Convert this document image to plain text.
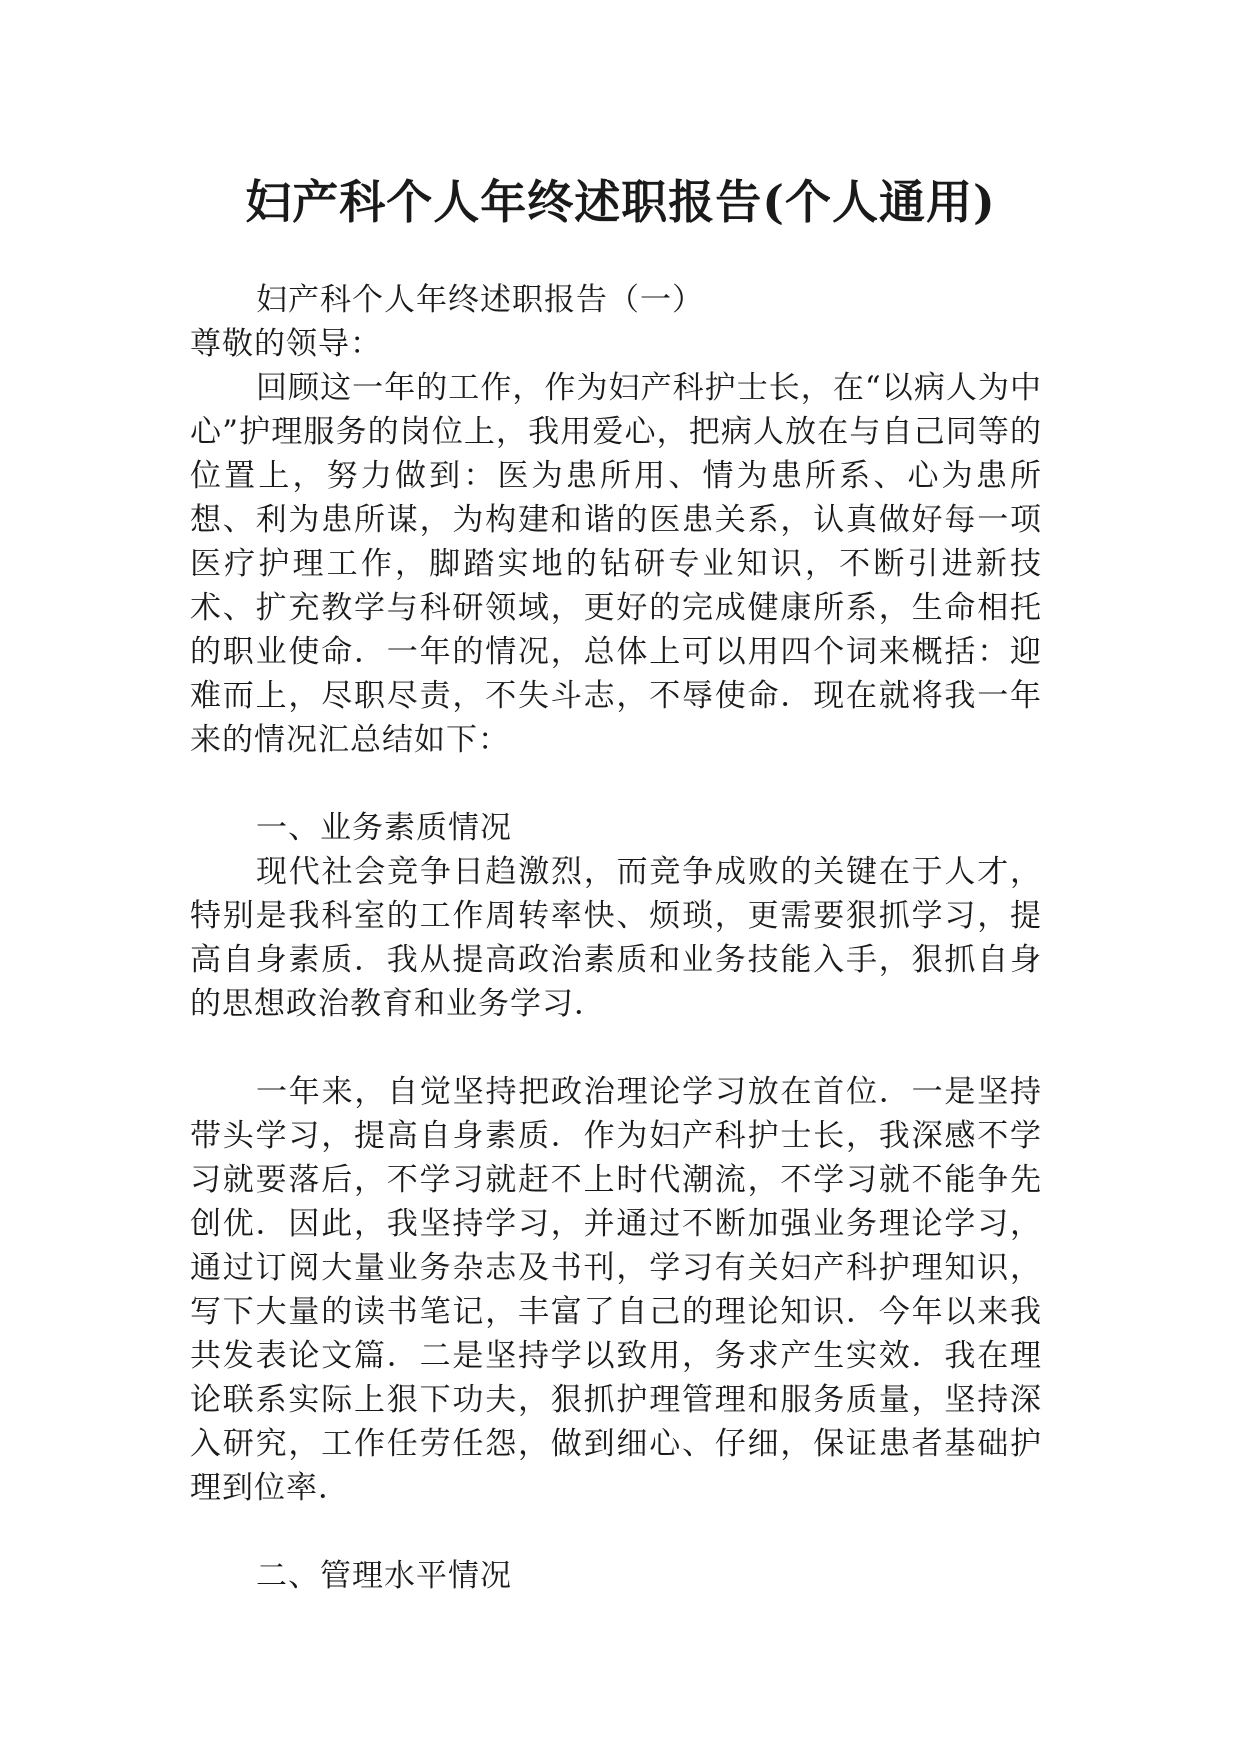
妇产科个人年终述职报告(个人通用)

妇产科个人年终述职报告（一）

尊敬的领导：

回顾这一年的工作，作为妇产科护士长，在“以病人为中心”护理服务的岗位上，我用爱心，把病人放在与自己同等的位置上，努力做到：医为患所用、情为患所系、心为患所想、利为患所谋，为构建和谐的医患关系，认真做好每一项医疗护理工作，脚踏实地的钻研专业知识，不断引进新技术、扩充教学与科研领域，更好的完成健康所系，生命相托的职业使命．一年的情况，总体上可以用四个词来概括：迎难而上，尽职尽责，不失斗志，不辱使命．现在就将我一年来的情况汇总结如下：

一、业务素质情况

现代社会竞争日趋激烈，而竞争成败的关键在于人才，特别是我科室的工作周转率快、烦琐，更需要狠抓学习，提高自身素质．我从提高政治素质和业务技能入手，狠抓自身的思想政治教育和业务学习．

一年来，自觉坚持把政治理论学习放在首位．一是坚持带头学习，提高自身素质．作为妇产科护士长，我深感不学习就要落后，不学习就赶不上时代潮流，不学习就不能争先创优．因此，我坚持学习，并通过不断加强业务理论学习，通过订阅大量业务杂志及书刊，学习有关妇产科护理知识，写下大量的读书笔记，丰富了自己的理论知识．今年以来我共发表论文篇．二是坚持学以致用，务求产生实效．我在理论联系实际上狠下功夫，狠抓护理管理和服务质量，坚持深入研究，工作任劳任怨，做到细心、仔细，保证患者基础护理到位率．

二、管理水平情况
